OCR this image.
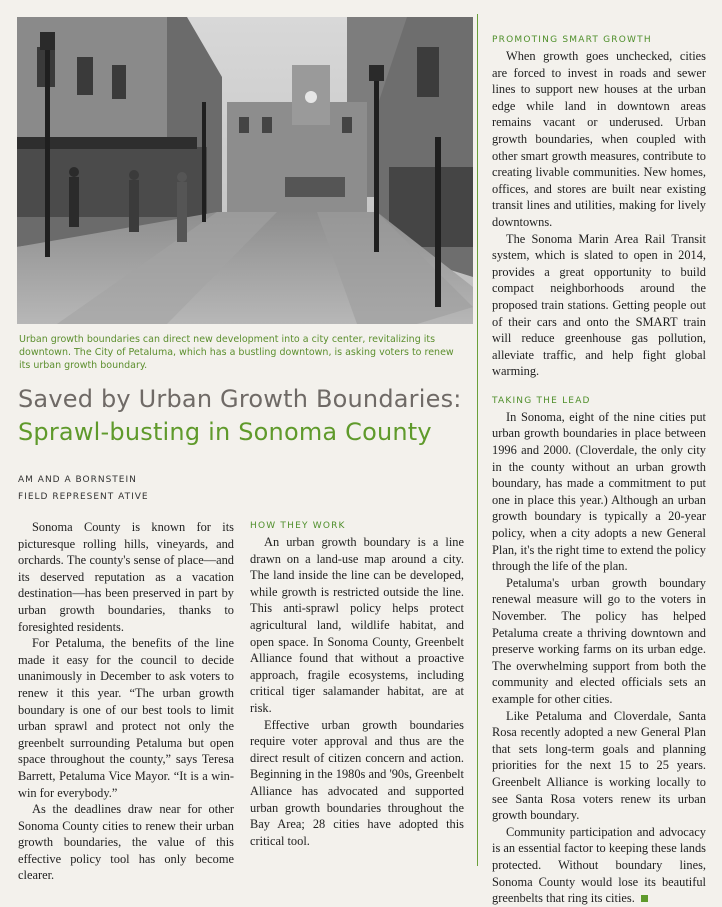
Urban growth boundaries can direct new development into a city center, revitalizing its downtown. The City of Petaluma, which has a bustling downtown, is asking voters to renew its urban growth boundary.
Saved by Urban Growth Boundaries:
Sprawl-busting in Sonoma County
AM AND A BORNSTEIN
FIELD REPRESENT ATIVE

Sonoma County is known for its picturesque rolling hills, vineyards, and orchards. The county's sense of place—and its deserved reputation as a vacation destination—has been preserved in part by urban growth boundaries, thanks to foresighted residents.

For Petaluma, the benefits of the line made it easy for the council to decide unanimously in December to ask voters to renew it this year. “The urban growth boundary is one of our best tools to limit urban sprawl and protect not only the greenbelt surrounding Petaluma but open space throughout the county,” says Teresa Barrett, Petaluma Vice Mayor. “It is a win-win for everybody.”

As the deadlines draw near for other Sonoma County cities to renew their urban growth boundaries, the value of this effective policy tool has only become clearer.

HOW THEY WORK

An urban growth boundary is a line drawn on a land-use map around a city. The land inside the line can be developed, while growth is restricted outside the line. This anti-sprawl policy helps protect agricultural land, wildlife habitat, and open space. In Sonoma County, Greenbelt Alliance found that without a proactive approach, fragile ecosystems, including critical tiger salamander habitat, are at risk.

Effective urban growth boundaries require voter approval and thus are the direct result of citizen concern and action. Beginning in the 1980s and '90s, Greenbelt Alliance has advocated and supported urban growth boundaries throughout the Bay Area; 28 cities have adopted this critical tool.

PROMOTING SMART GROWTH

When growth goes unchecked, cities are forced to invest in roads and sewer lines to support new houses at the urban edge while land in downtown areas remains vacant or underused. Urban growth boundaries, when coupled with other smart growth measures, contribute to creating livable communities. New homes, offices, and stores are built near existing transit lines and utilities, making for lively downtowns.

The Sonoma Marin Area Rail Transit system, which is slated to open in 2014, provides a great opportunity to build compact neighborhoods around the proposed train stations. Getting people out of their cars and onto the SMART train will reduce greenhouse gas pollution, alleviate traffic, and help fight global warming.

TAKING THE LEAD

In Sonoma, eight of the nine cities put urban growth boundaries in place between 1996 and 2000. (Cloverdale, the only city in the county without an urban growth boundary, has made a commitment to put one in place this year.) Although an urban growth boundary is typically a 20-year policy, when a city adopts a new General Plan, it's the right time to extend the policy through the life of the plan.

Petaluma's urban growth boundary renewal measure will go to the voters in November. The policy has helped Petaluma create a thriving downtown and preserve working farms on its urban edge. The overwhelming support from both the community and elected officials sets an example for other cities.

Like Petaluma and Cloverdale, Santa Rosa recently adopted a new General Plan that sets long-term goals and planning priorities for the next 15 to 25 years. Greenbelt Alliance is working locally to see Santa Rosa voters renew its urban growth boundary.

Community participation and advocacy is an essential factor to keeping these lands protected. Without boundary lines, Sonoma County would lose its beautiful greenbelts that ring its cities.
